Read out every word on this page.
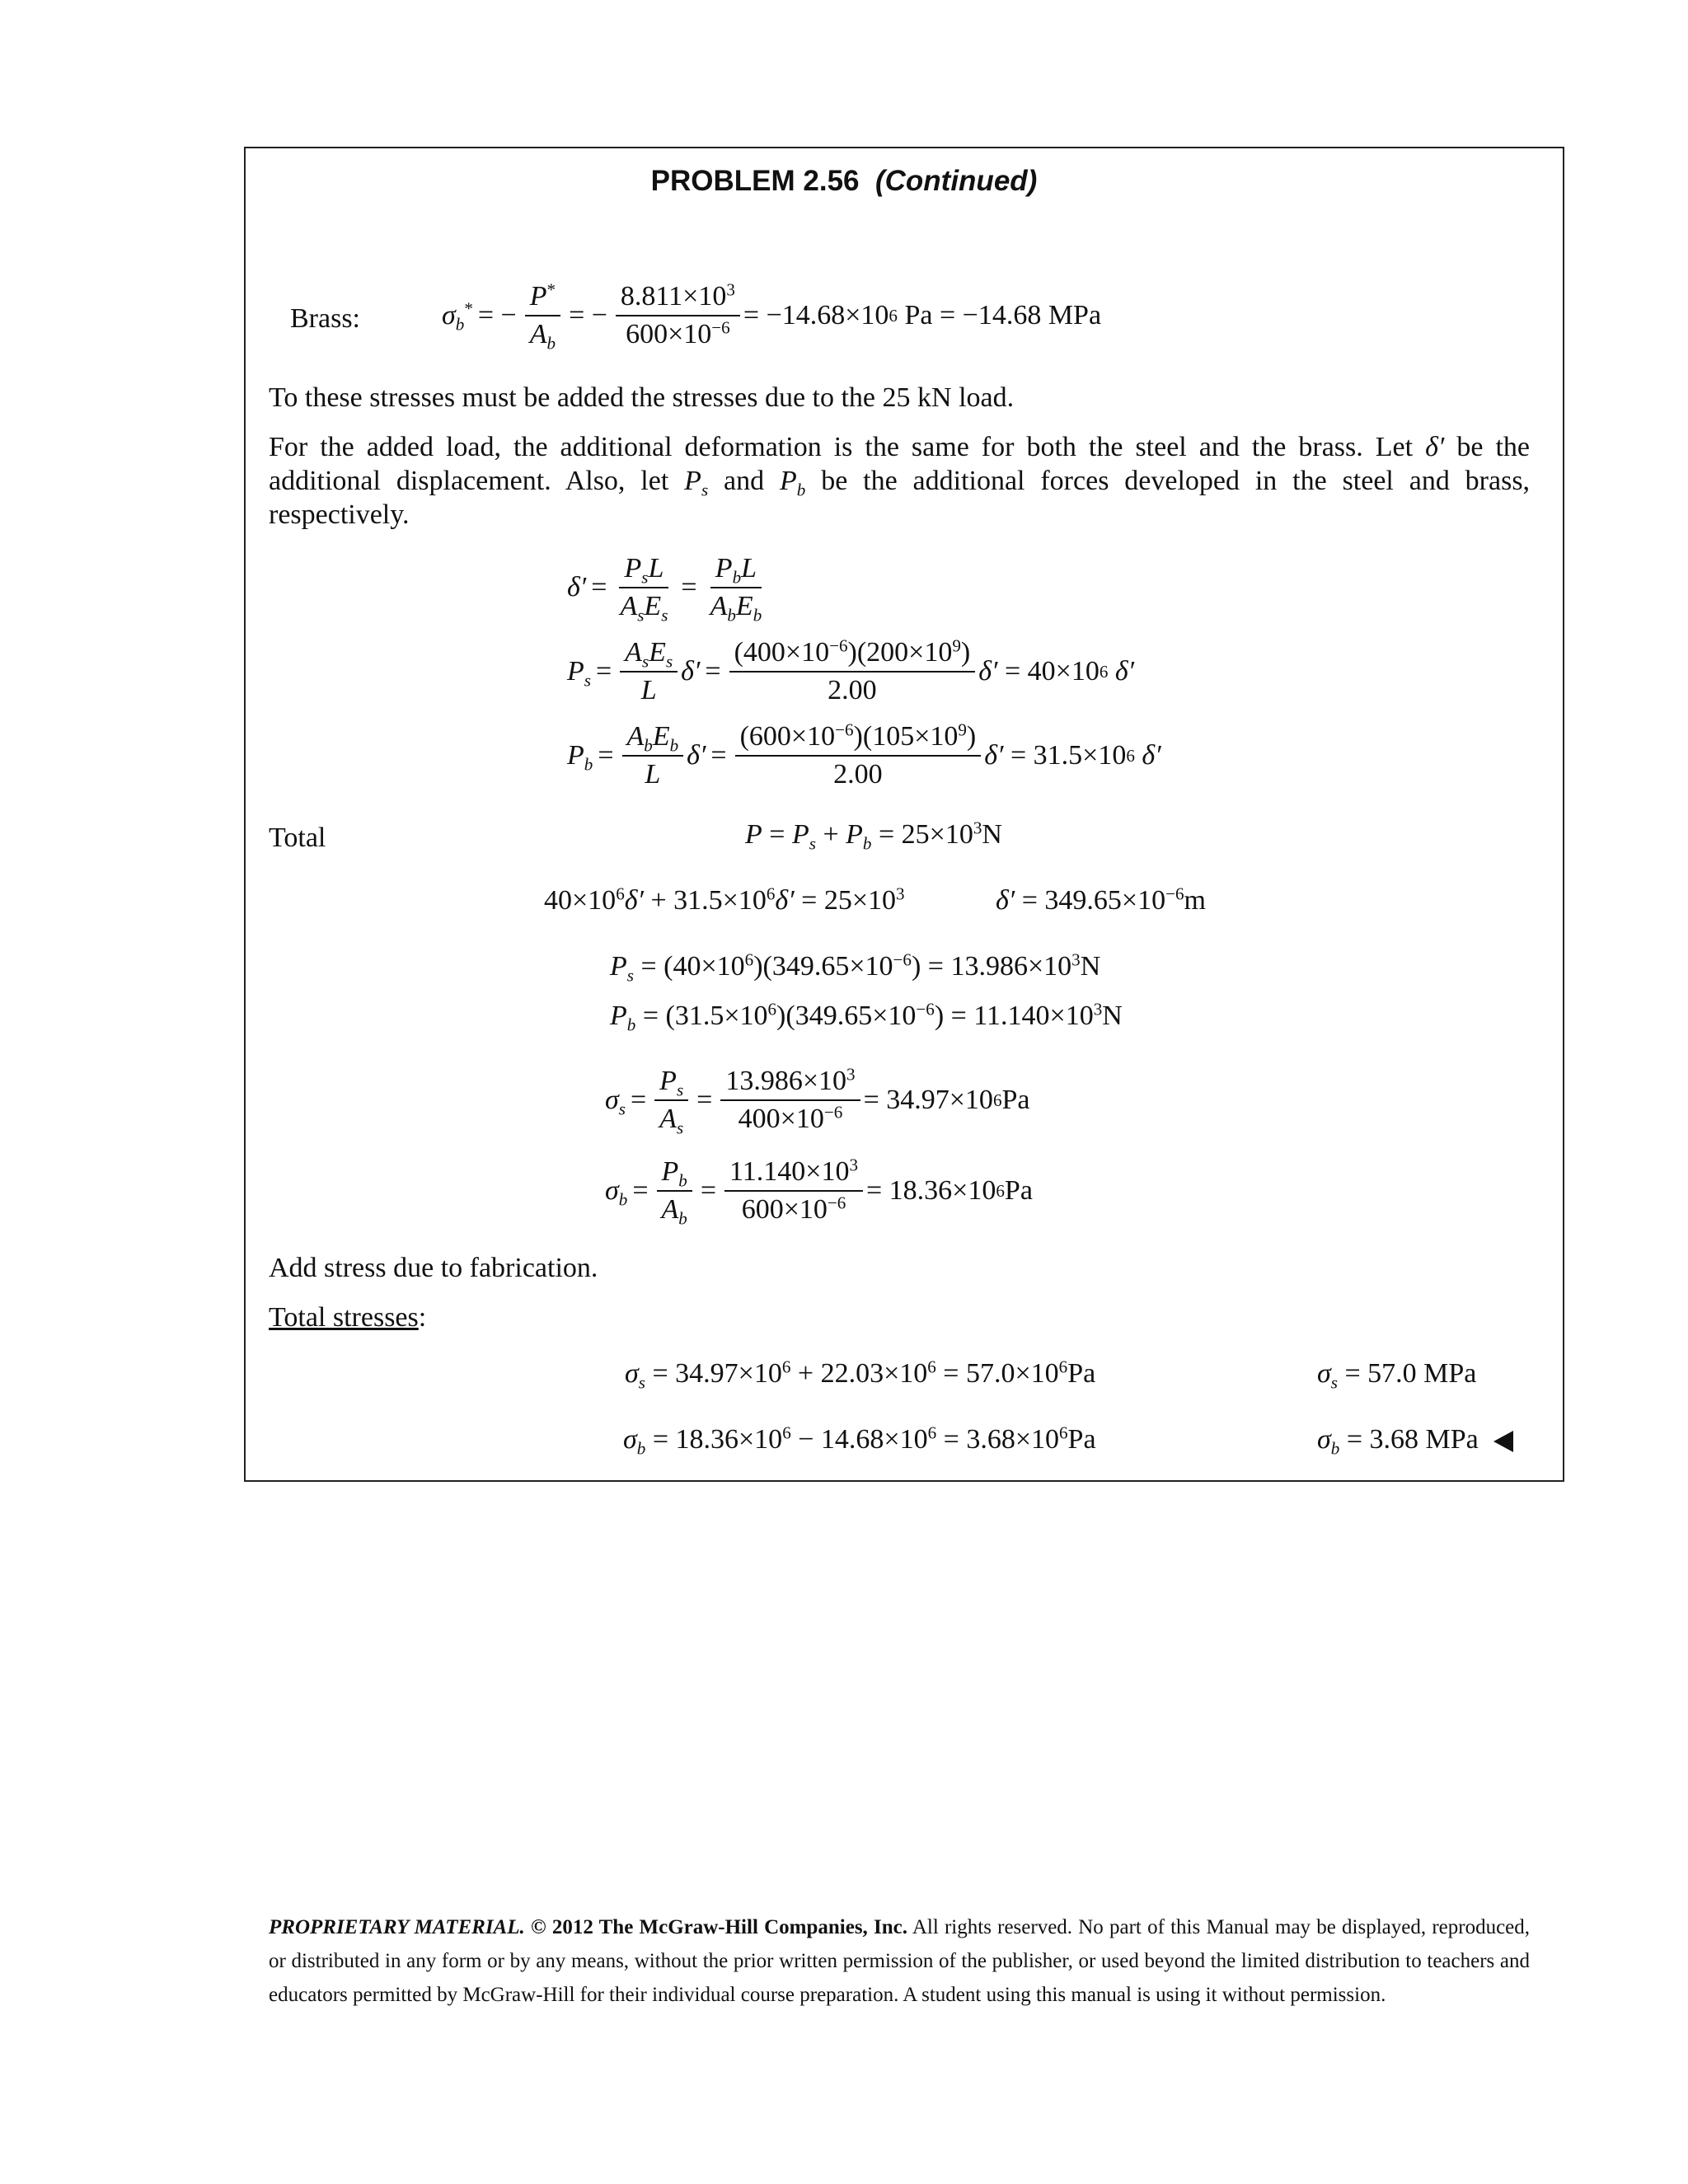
PROBLEM 2.56 (Continued)
Brass:	$\sigma_b^*$ = − $\frac{P^*}{A_b}$ = − $\frac{8.811\times 10^3}{600\times 10^{-6}} = -14.68\times 10$ 6 Pa = −14.68 MPa
To these stresses must be added the stresses due to the 25 kN load.
For the added load, the additional deformation is the same for both the steel and the brass. Let δ′ be the additional displacement. Also, let $P_s$ and $P_b$ be the additional forces developed in the steel and brass, respectively.
$\delta' = \frac{P_sL}{A_sE_s} = \frac{P_bL}{A_bE_b}$
$P_s = \frac{A_sE_s}{L} \delta' = \frac{(400\times 10^{-6})(200\times 10^9)}{2.00} \delta'$
= 40×10 6
δ′
$P_b = \frac{A_bE_b}{L} \delta' = \frac{(600\times 10^{-6})(105\times 10^9)}{2.00} \delta'$
= 31.5×10 6
δ′
Total	$P = P_s + P_b = 25\times 10^3N$
$40\times 10^6\delta' + 31.5\times 10^6\delta' = 25\times 10^3$	$\delta' = 349.65\times 10^{-6}m$
$P_s = (40\times 10^6)(349.65\times 10^{-6}) = 13.986\times 10^3N$
$P_b = (31.5\times 10^6)(349.65\times 10^{-6}) = 11.140\times 10^3N$
$\sigma_s = \frac{P_s}{A_s} = \frac{13.986\times 10^3}{400\times 10^{-6}} = 34.97\times 10$ 6 Pa
$\sigma_b = \frac{P_b}{A_b} = \frac{11.140\times 10^3}{600\times 10^{-6}} = 18.36\times 10$ 6 Pa
Add stress due to fabrication.
Total stresses:
$\sigma_s = 34.97\times 10^6 + 22.03\times 10^6 = 57.0\times 10^6Pa$	$\sigma_s = 57.0$ MPa
$\sigma_b = 18.36\times 10^6 - 14.68\times 10^6 = 3.68\times 10^6Pa$	$\sigma_b = 3.68$ MPa
PROPRIETARY MATERIAL. © 2012 The McGraw-Hill Companies, Inc. All rights reserved. No part of this Manual may be displayed, reproduced, or distributed in any form or by any means, without the prior written permission of the publisher, or used beyond the limited distribution to teachers and educators permitted by McGraw-Hill for their individual course preparation. A student using this manual is using it without permission.
